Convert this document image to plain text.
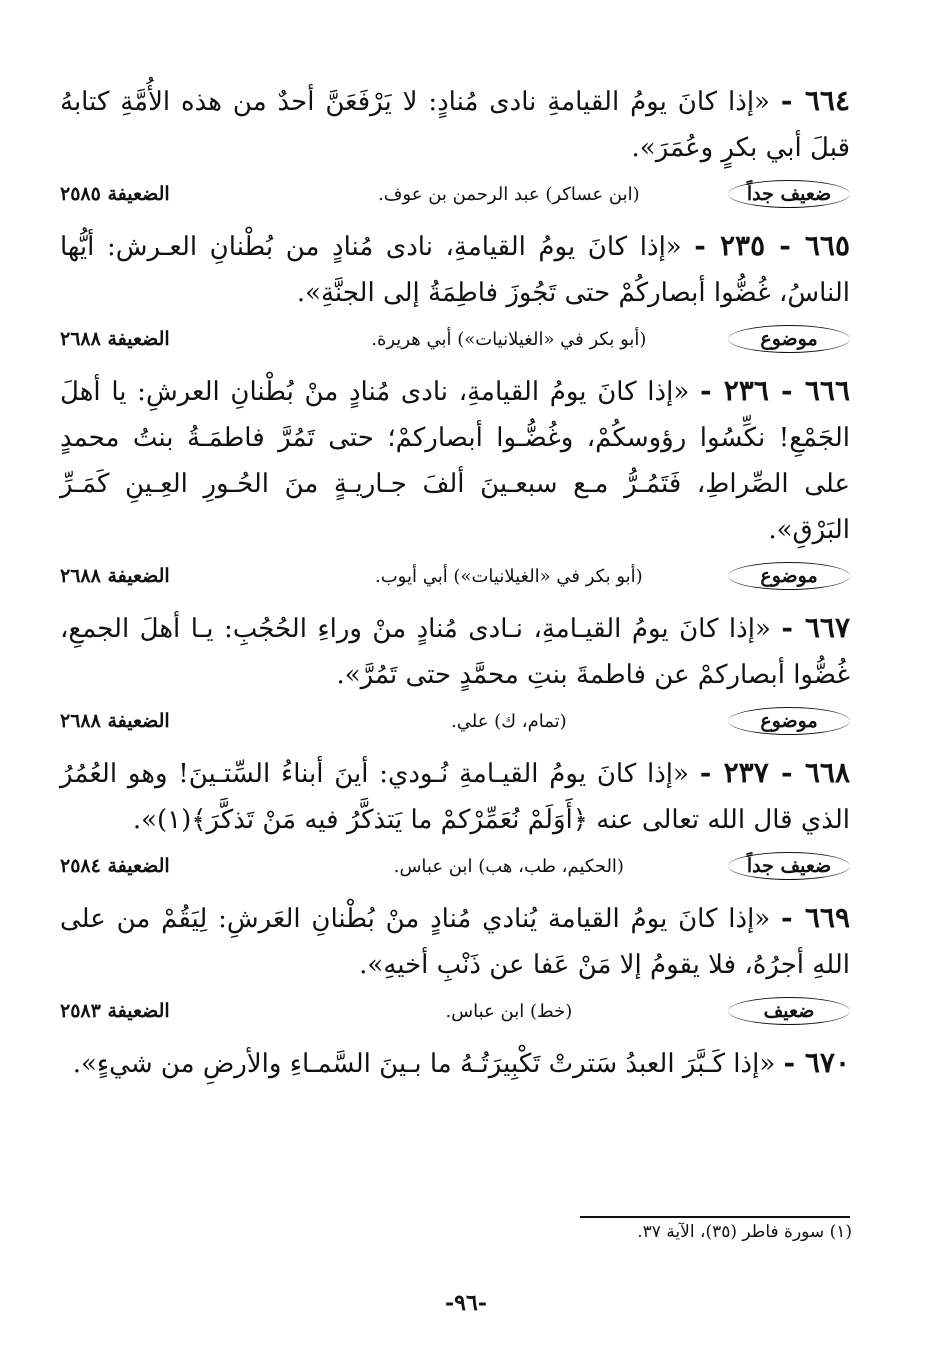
٦٦٤ - «إذا كانَ يومُ القيامةِ نادى مُنادٍ: لا يَرْفَعَنَّ أحدٌ من هذه الأُمَّةِ كتابهُ قبلَ أبي بكرٍ وعُمَرَ».

ضعيف جداً
(ابن عساكر) عبد الرحمن بن عوف.
الضعيفة ٢٥٨٥

٦٦٥ - ٢٣٥ - «إذا كانَ يومُ القيامةِ، نادى مُنادٍ من بُطْنانِ العـرش: أيُّها الناسُ، غُضُّوا أبصاركُمْ حتى تَجُوزَ فاطِمَةُ إلى الجنَّةِ».

موضوع
(أبو بكر في «الغيلانيات») أبي هريرة.
الضعيفة ٢٦٨٨

٦٦٦ - ٢٣٦ - «إذا كانَ يومُ القيامةِ، نادى مُنادٍ منْ بُطْنانِ العرشِ: يا أهلَ الجَمْعِ! نكِّسُوا رؤوسكُمْ، وغُضُّـوا أبصاركمْ؛ حتى تَمُرَّ فاطمَـةُ بنتُ محمدٍ على الصِّراطِ، فَتَمُـرُّ مـع سبعـينَ ألفَ جـاريـةٍ منَ الحُـورِ العِـينِ كَمَـرِّ البَرْقِ».

موضوع
(أبو بكر في «الغيلانيات») أبي أيوب.
الضعيفة ٢٦٨٨

٦٦٧ - «إذا كانَ يومُ القيـامةِ، نـادى مُنادٍ منْ وراءِ الحُجُبِ: يـا أهلَ الجمعِ، غُضُّوا أبصاركمْ عن فاطمةَ بنتِ محمَّدٍ حتى تَمُرَّ».

موضوع
(تمام، ك) علي.
الضعيفة ٢٦٨٨

٦٦٨ - ٢٣٧ - «إذا كانَ يومُ القيـامةِ نُـودي: أينَ أبناءُ السِّتـينَ! وهو العُمُرُ الذي قال الله تعالى عنه ﴿أَوَلَمْ نُعَمِّرْكمْ ما يَتذكَّرُ فيه مَنْ تَذكَّرَ﴾(١)».

ضعيف جداً
(الحكيم، طب، هب) ابن عباس.
الضعيفة ٢٥٨٤

٦٦٩ - «إذا كانَ يومُ القيامة يُنادي مُنادٍ منْ بُطْنانِ العَرشِ: لِيَقُمْ من على اللهِ أجرُهُ، فلا يقومُ إلا مَنْ عَفا عن ذَنْبِ أخيهِ».

ضعيف
(خط) ابن عباس.
الضعيفة ٢٥٨٣

٦٧٠ - «إذا كَـبَّرَ العبدُ سَترتْ تَكْبِيرَتُـهُ ما بـينَ السَّمـاءِ والأرضِ من شيءٍ».

(١) سورة فاطر (٣٥)، الآية ٣٧.
-٩٦-
